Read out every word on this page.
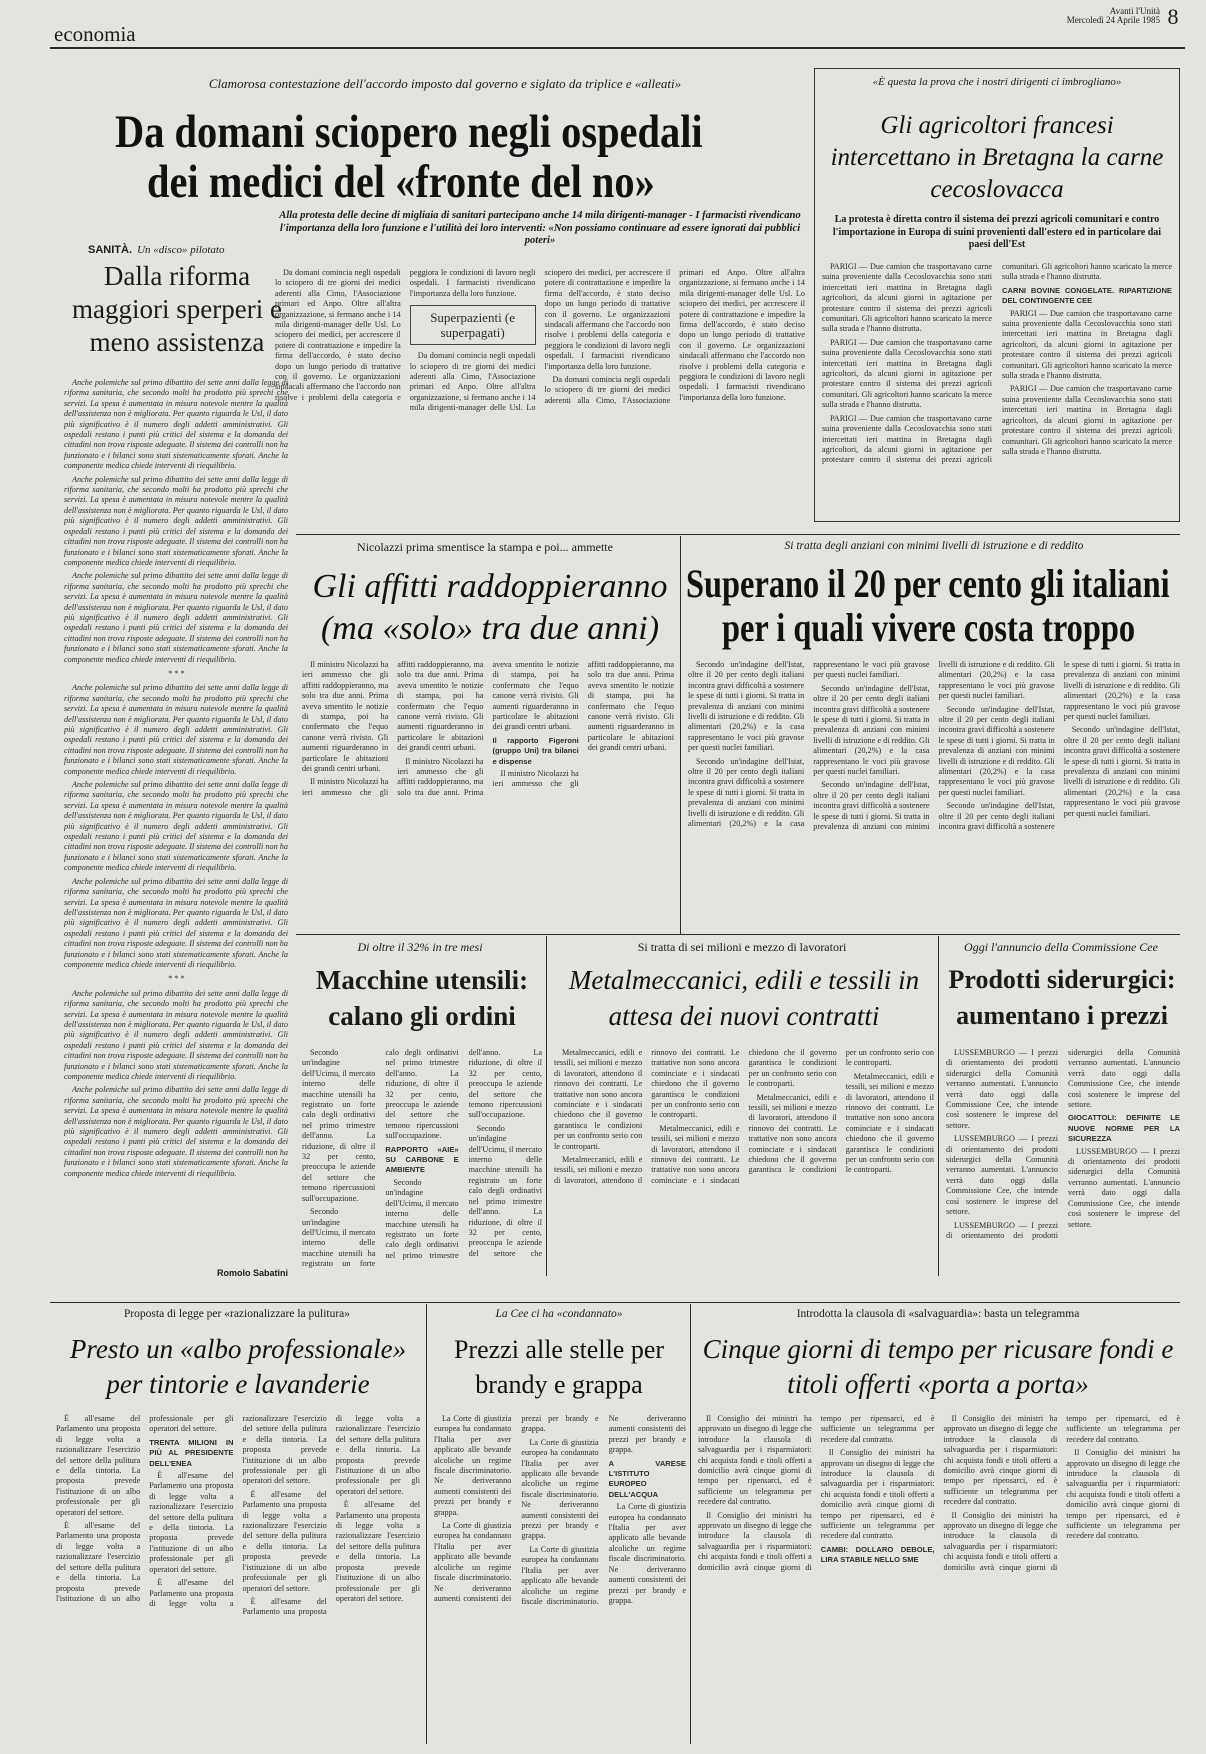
economia
Avanti l'Unità
Mercoledì 24 Aprile 1985 8
Clamorosa contestazione dell'accordo imposto dal governo e siglato da triplice e «alleati»
Da domani sciopero negli ospedali
dei medici del «fronte del no»
Alla protesta delle decine di migliaia di sanitari partecipano anche 14 mila dirigenti-manager - I farmacisti rivendicano l'importanza della loro funzione e l'utilità dei loro interventi: «Non possiamo continuare ad essere ignorati dai pubblici poteri»

Da domani comincia negli ospedali lo sciopero di tre giorni dei medici aderenti alla Cimo, l'Associazione primari ed Anpo. Oltre all'altra organizzazione, si fermano anche i 14 mila dirigenti-manager delle Usl. Lo sciopero dei medici, per accrescere il potere di contrattazione e impedire la firma dell'accordo, è stato deciso dopo un lungo periodo di trattative con il governo. Le organizzazioni sindacali affermano che l'accordo non risolve i problemi della categoria e peggiora le condizioni di lavoro negli ospedali. I farmacisti rivendicano l'importanza della loro funzione.

Superpazienti (e superpagati)

Da domani comincia negli ospedali lo sciopero di tre giorni dei medici aderenti alla Cimo, l'Associazione primari ed Anpo. Oltre all'altra organizzazione, si fermano anche i 14 mila dirigenti-manager delle Usl. Lo sciopero dei medici, per accrescere il potere di contrattazione e impedire la firma dell'accordo, è stato deciso dopo un lungo periodo di trattative con il governo. Le organizzazioni sindacali affermano che l'accordo non risolve i problemi della categoria e peggiora le condizioni di lavoro negli ospedali. I farmacisti rivendicano l'importanza della loro funzione.

Da domani comincia negli ospedali lo sciopero di tre giorni dei medici aderenti alla Cimo, l'Associazione primari ed Anpo. Oltre all'altra organizzazione, si fermano anche i 14 mila dirigenti-manager delle Usl. Lo sciopero dei medici, per accrescere il potere di contrattazione e impedire la firma dell'accordo, è stato deciso dopo un lungo periodo di trattative con il governo. Le organizzazioni sindacali affermano che l'accordo non risolve i problemi della categoria e peggiora le condizioni di lavoro negli ospedali. I farmacisti rivendicano l'importanza della loro funzione.

SANITÀ. Un «disco» pilotato
Dalla riforma maggiori sperperi e meno assistenza

Anche polemiche sul primo dibattito dei sette anni dalla legge di riforma sanitaria, che secondo molti ha prodotto più sprechi che servizi. La spesa è aumentata in misura notevole mentre la qualità dell'assistenza non è migliorata. Per quanto riguarda le Usl, il dato più significativo è il numero degli addetti amministrativi. Gli ospedali restano i punti più critici del sistema e la domanda dei cittadini non trova risposte adeguate. Il sistema dei controlli non ha funzionato e i bilanci sono stati sistematicamente sforati. Anche la componente medica chiede interventi di riequilibrio.

Anche polemiche sul primo dibattito dei sette anni dalla legge di riforma sanitaria, che secondo molti ha prodotto più sprechi che servizi. La spesa è aumentata in misura notevole mentre la qualità dell'assistenza non è migliorata. Per quanto riguarda le Usl, il dato più significativo è il numero degli addetti amministrativi. Gli ospedali restano i punti più critici del sistema e la domanda dei cittadini non trova risposte adeguate. Il sistema dei controlli non ha funzionato e i bilanci sono stati sistematicamente sforati. Anche la componente medica chiede interventi di riequilibrio.

Anche polemiche sul primo dibattito dei sette anni dalla legge di riforma sanitaria, che secondo molti ha prodotto più sprechi che servizi. La spesa è aumentata in misura notevole mentre la qualità dell'assistenza non è migliorata. Per quanto riguarda le Usl, il dato più significativo è il numero degli addetti amministrativi. Gli ospedali restano i punti più critici del sistema e la domanda dei cittadini non trova risposte adeguate. Il sistema dei controlli non ha funzionato e i bilanci sono stati sistematicamente sforati. Anche la componente medica chiede interventi di riequilibrio.

* * *

Anche polemiche sul primo dibattito dei sette anni dalla legge di riforma sanitaria, che secondo molti ha prodotto più sprechi che servizi. La spesa è aumentata in misura notevole mentre la qualità dell'assistenza non è migliorata. Per quanto riguarda le Usl, il dato più significativo è il numero degli addetti amministrativi. Gli ospedali restano i punti più critici del sistema e la domanda dei cittadini non trova risposte adeguate. Il sistema dei controlli non ha funzionato e i bilanci sono stati sistematicamente sforati. Anche la componente medica chiede interventi di riequilibrio.

Anche polemiche sul primo dibattito dei sette anni dalla legge di riforma sanitaria, che secondo molti ha prodotto più sprechi che servizi. La spesa è aumentata in misura notevole mentre la qualità dell'assistenza non è migliorata. Per quanto riguarda le Usl, il dato più significativo è il numero degli addetti amministrativi. Gli ospedali restano i punti più critici del sistema e la domanda dei cittadini non trova risposte adeguate. Il sistema dei controlli non ha funzionato e i bilanci sono stati sistematicamente sforati. Anche la componente medica chiede interventi di riequilibrio.

Anche polemiche sul primo dibattito dei sette anni dalla legge di riforma sanitaria, che secondo molti ha prodotto più sprechi che servizi. La spesa è aumentata in misura notevole mentre la qualità dell'assistenza non è migliorata. Per quanto riguarda le Usl, il dato più significativo è il numero degli addetti amministrativi. Gli ospedali restano i punti più critici del sistema e la domanda dei cittadini non trova risposte adeguate. Il sistema dei controlli non ha funzionato e i bilanci sono stati sistematicamente sforati. Anche la componente medica chiede interventi di riequilibrio.

* * *

Anche polemiche sul primo dibattito dei sette anni dalla legge di riforma sanitaria, che secondo molti ha prodotto più sprechi che servizi. La spesa è aumentata in misura notevole mentre la qualità dell'assistenza non è migliorata. Per quanto riguarda le Usl, il dato più significativo è il numero degli addetti amministrativi. Gli ospedali restano i punti più critici del sistema e la domanda dei cittadini non trova risposte adeguate. Il sistema dei controlli non ha funzionato e i bilanci sono stati sistematicamente sforati. Anche la componente medica chiede interventi di riequilibrio.

Anche polemiche sul primo dibattito dei sette anni dalla legge di riforma sanitaria, che secondo molti ha prodotto più sprechi che servizi. La spesa è aumentata in misura notevole mentre la qualità dell'assistenza non è migliorata. Per quanto riguarda le Usl, il dato più significativo è il numero degli addetti amministrativi. Gli ospedali restano i punti più critici del sistema e la domanda dei cittadini non trova risposte adeguate. Il sistema dei controlli non ha funzionato e i bilanci sono stati sistematicamente sforati. Anche la componente medica chiede interventi di riequilibrio.

Romolo Sabatini
«È questa la prova che i nostri dirigenti ci imbrogliano»
Gli agricoltori francesi intercettano in Bretagna la carne cecoslovacca
La protesta è diretta contro il sistema dei prezzi agricoli comunitari e contro l'importazione in Europa di suini provenienti dall'estero ed in particolare dai paesi dell'Est

PARIGI — Due camion che trasportavano carne suina proveniente dalla Cecoslovacchia sono stati intercettati ieri mattina in Bretagna dagli agricoltori, da alcuni giorni in agitazione per protestare contro il sistema dei prezzi agricoli comunitari. Gli agricoltori hanno scaricato la merce sulla strada e l'hanno distrutta.

PARIGI — Due camion che trasportavano carne suina proveniente dalla Cecoslovacchia sono stati intercettati ieri mattina in Bretagna dagli agricoltori, da alcuni giorni in agitazione per protestare contro il sistema dei prezzi agricoli comunitari. Gli agricoltori hanno scaricato la merce sulla strada e l'hanno distrutta.

PARIGI — Due camion che trasportavano carne suina proveniente dalla Cecoslovacchia sono stati intercettati ieri mattina in Bretagna dagli agricoltori, da alcuni giorni in agitazione per protestare contro il sistema dei prezzi agricoli comunitari. Gli agricoltori hanno scaricato la merce sulla strada e l'hanno distrutta.

CARNI BOVINE CONGELATE. RIPARTIZIONE DEL CONTINGENTE CEE

PARIGI — Due camion che trasportavano carne suina proveniente dalla Cecoslovacchia sono stati intercettati ieri mattina in Bretagna dagli agricoltori, da alcuni giorni in agitazione per protestare contro il sistema dei prezzi agricoli comunitari. Gli agricoltori hanno scaricato la merce sulla strada e l'hanno distrutta.

PARIGI — Due camion che trasportavano carne suina proveniente dalla Cecoslovacchia sono stati intercettati ieri mattina in Bretagna dagli agricoltori, da alcuni giorni in agitazione per protestare contro il sistema dei prezzi agricoli comunitari. Gli agricoltori hanno scaricato la merce sulla strada e l'hanno distrutta.

Nicolazzi prima smentisce la stampa e poi... ammette
Gli affitti raddoppieranno (ma «solo» tra due anni)

Il ministro Nicolazzi ha ieri ammesso che gli affitti raddoppieranno, ma solo tra due anni. Prima aveva smentito le notizie di stampa, poi ha confermato che l'equo canone verrà rivisto. Gli aumenti riguarderanno in particolare le abitazioni dei grandi centri urbani.

Il ministro Nicolazzi ha ieri ammesso che gli affitti raddoppieranno, ma solo tra due anni. Prima aveva smentito le notizie di stampa, poi ha confermato che l'equo canone verrà rivisto. Gli aumenti riguarderanno in particolare le abitazioni dei grandi centri urbani.

Il ministro Nicolazzi ha ieri ammesso che gli affitti raddoppieranno, ma solo tra due anni. Prima aveva smentito le notizie di stampa, poi ha confermato che l'equo canone verrà rivisto. Gli aumenti riguarderanno in particolare le abitazioni dei grandi centri urbani.

Il rapporto Figeroni (gruppo Uni) tra bilanci e dispense

Il ministro Nicolazzi ha ieri ammesso che gli affitti raddoppieranno, ma solo tra due anni. Prima aveva smentito le notizie di stampa, poi ha confermato che l'equo canone verrà rivisto. Gli aumenti riguarderanno in particolare le abitazioni dei grandi centri urbani.

Si tratta degli anziani con minimi livelli di istruzione e di reddito
Superano il 20 per cento gli italiani
per i quali vivere costa troppo

Secondo un'indagine dell'Istat, oltre il 20 per cento degli italiani incontra gravi difficoltà a sostenere le spese di tutti i giorni. Si tratta in prevalenza di anziani con minimi livelli di istruzione e di reddito. Gli alimentari (20,2%) e la casa rappresentano le voci più gravose per questi nuclei familiari.

Secondo un'indagine dell'Istat, oltre il 20 per cento degli italiani incontra gravi difficoltà a sostenere le spese di tutti i giorni. Si tratta in prevalenza di anziani con minimi livelli di istruzione e di reddito. Gli alimentari (20,2%) e la casa rappresentano le voci più gravose per questi nuclei familiari.

Secondo un'indagine dell'Istat, oltre il 20 per cento degli italiani incontra gravi difficoltà a sostenere le spese di tutti i giorni. Si tratta in prevalenza di anziani con minimi livelli di istruzione e di reddito. Gli alimentari (20,2%) e la casa rappresentano le voci più gravose per questi nuclei familiari.

Secondo un'indagine dell'Istat, oltre il 20 per cento degli italiani incontra gravi difficoltà a sostenere le spese di tutti i giorni. Si tratta in prevalenza di anziani con minimi livelli di istruzione e di reddito. Gli alimentari (20,2%) e la casa rappresentano le voci più gravose per questi nuclei familiari.

Secondo un'indagine dell'Istat, oltre il 20 per cento degli italiani incontra gravi difficoltà a sostenere le spese di tutti i giorni. Si tratta in prevalenza di anziani con minimi livelli di istruzione e di reddito. Gli alimentari (20,2%) e la casa rappresentano le voci più gravose per questi nuclei familiari.

Secondo un'indagine dell'Istat, oltre il 20 per cento degli italiani incontra gravi difficoltà a sostenere le spese di tutti i giorni. Si tratta in prevalenza di anziani con minimi livelli di istruzione e di reddito. Gli alimentari (20,2%) e la casa rappresentano le voci più gravose per questi nuclei familiari.

Secondo un'indagine dell'Istat, oltre il 20 per cento degli italiani incontra gravi difficoltà a sostenere le spese di tutti i giorni. Si tratta in prevalenza di anziani con minimi livelli di istruzione e di reddito. Gli alimentari (20,2%) e la casa rappresentano le voci più gravose per questi nuclei familiari.

Di oltre il 32% in tre mesi
Macchine utensili: calano gli ordini

Secondo un'indagine dell'Ucimu, il mercato interno delle macchine utensili ha registrato un forte calo degli ordinativi nel primo trimestre dell'anno. La riduzione, di oltre il 32 per cento, preoccupa le aziende del settore che temono ripercussioni sull'occupazione.

Secondo un'indagine dell'Ucimu, il mercato interno delle macchine utensili ha registrato un forte calo degli ordinativi nel primo trimestre dell'anno. La riduzione, di oltre il 32 per cento, preoccupa le aziende del settore che temono ripercussioni sull'occupazione.

RAPPORTO «AIE» SU CARBONE E AMBIENTE

Secondo un'indagine dell'Ucimu, il mercato interno delle macchine utensili ha registrato un forte calo degli ordinativi nel primo trimestre dell'anno. La riduzione, di oltre il 32 per cento, preoccupa le aziende del settore che temono ripercussioni sull'occupazione.

Secondo un'indagine dell'Ucimu, il mercato interno delle macchine utensili ha registrato un forte calo degli ordinativi nel primo trimestre dell'anno. La riduzione, di oltre il 32 per cento, preoccupa le aziende del settore che

Si tratta di sei milioni e mezzo di lavoratori
Metalmeccanici, edili e tessili in attesa dei nuovi contratti

Metalmeccanici, edili e tessili, sei milioni e mezzo di lavoratori, attendono il rinnovo dei contratti. Le trattative non sono ancora cominciate e i sindacati chiedono che il governo garantisca le condizioni per un confronto serio con le controparti.

Metalmeccanici, edili e tessili, sei milioni e mezzo di lavoratori, attendono il rinnovo dei contratti. Le trattative non sono ancora cominciate e i sindacati chiedono che il governo garantisca le condizioni per un confronto serio con le controparti.

Metalmeccanici, edili e tessili, sei milioni e mezzo di lavoratori, attendono il rinnovo dei contratti. Le trattative non sono ancora cominciate e i sindacati chiedono che il governo garantisca le condizioni per un confronto serio con le controparti.

Metalmeccanici, edili e tessili, sei milioni e mezzo di lavoratori, attendono il rinnovo dei contratti. Le trattative non sono ancora cominciate e i sindacati chiedono che il governo garantisca le condizioni per un confronto serio con le controparti.

Metalmeccanici, edili e tessili, sei milioni e mezzo di lavoratori, attendono il rinnovo dei contratti. Le trattative non sono ancora cominciate e i sindacati chiedono che il governo garantisca le condizioni per un confronto serio con le controparti.

Oggi l'annuncio della Commissione Cee
Prodotti siderurgici: aumentano i prezzi

LUSSEMBURGO — I prezzi di orientamento dei prodotti siderurgici della Comunità verranno aumentati. L'annuncio verrà dato oggi dalla Commissione Cee, che intende così sostenere le imprese del settore.

LUSSEMBURGO — I prezzi di orientamento dei prodotti siderurgici della Comunità verranno aumentati. L'annuncio verrà dato oggi dalla Commissione Cee, che intende così sostenere le imprese del settore.

LUSSEMBURGO — I prezzi di orientamento dei prodotti siderurgici della Comunità verranno aumentati. L'annuncio verrà dato oggi dalla Commissione Cee, che intende così sostenere le imprese del settore.

GIOCATTOLI: DEFINITE LE NUOVE NORME PER LA SICUREZZA

LUSSEMBURGO — I prezzi di orientamento dei prodotti siderurgici della Comunità verranno aumentati. L'annuncio verrà dato oggi dalla Commissione Cee, che intende così sostenere le imprese del settore.

Proposta di legge per «razionalizzare la pulitura»
Presto un «albo professionale» per tintorie e lavanderie

È all'esame del Parlamento una proposta di legge volta a razionalizzare l'esercizio del settore della pulitura e della tintoria. La proposta prevede l'istituzione di un albo professionale per gli operatori del settore.

È all'esame del Parlamento una proposta di legge volta a razionalizzare l'esercizio del settore della pulitura e della tintoria. La proposta prevede l'istituzione di un albo professionale per gli operatori del settore.

TRENTA MILIONI IN PIÙ AL PRESIDENTE DELL'ENEA

È all'esame del Parlamento una proposta di legge volta a razionalizzare l'esercizio del settore della pulitura e della tintoria. La proposta prevede l'istituzione di un albo professionale per gli operatori del settore.

È all'esame del Parlamento una proposta di legge volta a razionalizzare l'esercizio del settore della pulitura e della tintoria. La proposta prevede l'istituzione di un albo professionale per gli operatori del settore.

È all'esame del Parlamento una proposta di legge volta a razionalizzare l'esercizio del settore della pulitura e della tintoria. La proposta prevede l'istituzione di un albo professionale per gli operatori del settore.

È all'esame del Parlamento una proposta di legge volta a razionalizzare l'esercizio del settore della pulitura e della tintoria. La proposta prevede l'istituzione di un albo professionale per gli operatori del settore.

È all'esame del Parlamento una proposta di legge volta a razionalizzare l'esercizio del settore della pulitura e della tintoria. La proposta prevede l'istituzione di un albo professionale per gli operatori del settore.

La Cee ci ha «condannato»
Prezzi alle stelle per brandy e grappa

La Corte di giustizia europea ha condannato l'Italia per aver applicato alle bevande alcoliche un regime fiscale discriminatorio. Ne deriveranno aumenti consistenti dei prezzi per brandy e grappa.

La Corte di giustizia europea ha condannato l'Italia per aver applicato alle bevande alcoliche un regime fiscale discriminatorio. Ne deriveranno aumenti consistenti dei prezzi per brandy e grappa.

La Corte di giustizia europea ha condannato l'Italia per aver applicato alle bevande alcoliche un regime fiscale discriminatorio. Ne deriveranno aumenti consistenti dei prezzi per brandy e grappa.

La Corte di giustizia europea ha condannato l'Italia per aver applicato alle bevande alcoliche un regime fiscale discriminatorio. Ne deriveranno aumenti consistenti dei prezzi per brandy e grappa.

A VARESE L'ISTITUTO EUROPEO DELL'ACQUA

La Corte di giustizia europea ha condannato l'Italia per aver applicato alle bevande alcoliche un regime fiscale discriminatorio. Ne deriveranno aumenti consistenti dei prezzi per brandy e grappa.

Introdotta la clausola di «salvaguardia»: basta un telegramma
Cinque giorni di tempo per ricusare fondi e titoli offerti «porta a porta»

Il Consiglio dei ministri ha approvato un disegno di legge che introduce la clausola di salvaguardia per i risparmiatori: chi acquista fondi e titoli offerti a domicilio avrà cinque giorni di tempo per ripensarci, ed è sufficiente un telegramma per recedere dal contratto.

Il Consiglio dei ministri ha approvato un disegno di legge che introduce la clausola di salvaguardia per i risparmiatori: chi acquista fondi e titoli offerti a domicilio avrà cinque giorni di tempo per ripensarci, ed è sufficiente un telegramma per recedere dal contratto.

Il Consiglio dei ministri ha approvato un disegno di legge che introduce la clausola di salvaguardia per i risparmiatori: chi acquista fondi e titoli offerti a domicilio avrà cinque giorni di tempo per ripensarci, ed è sufficiente un telegramma per recedere dal contratto.

CAMBI: DOLLARO DEBOLE, LIRA STABILE NELLO SME

Il Consiglio dei ministri ha approvato un disegno di legge che introduce la clausola di salvaguardia per i risparmiatori: chi acquista fondi e titoli offerti a domicilio avrà cinque giorni di tempo per ripensarci, ed è sufficiente un telegramma per recedere dal contratto.

Il Consiglio dei ministri ha approvato un disegno di legge che introduce la clausola di salvaguardia per i risparmiatori: chi acquista fondi e titoli offerti a domicilio avrà cinque giorni di tempo per ripensarci, ed è sufficiente un telegramma per recedere dal contratto.

Il Consiglio dei ministri ha approvato un disegno di legge che introduce la clausola di salvaguardia per i risparmiatori: chi acquista fondi e titoli offerti a domicilio avrà cinque giorni di tempo per ripensarci, ed è sufficiente un telegramma per recedere dal contratto.
